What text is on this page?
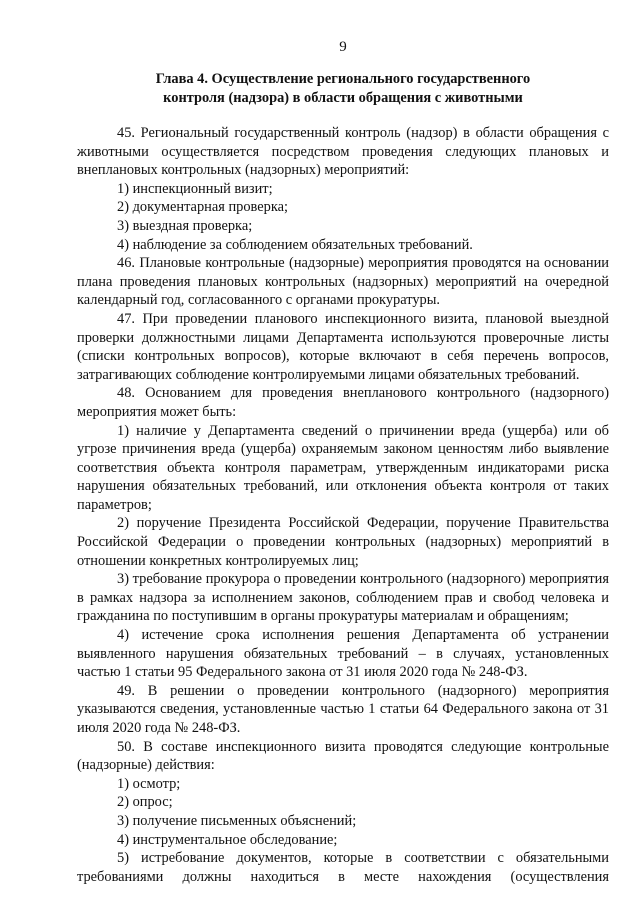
9
Глава 4. Осуществление регионального государственного
контроля (надзора) в области обращения с животными

45. Региональный государственный контроль (надзор) в области обращения с животными осуществляется посредством проведения следующих плановых и внеплановых контрольных (надзорных) мероприятий:

1) инспекционный визит;

2) документарная проверка;

3) выездная проверка;

4) наблюдение за соблюдением обязательных требований.

46. Плановые контрольные (надзорные) мероприятия проводятся на основании плана проведения плановых контрольных (надзорных) мероприятий на очередной календарный год, согласованного с органами прокуратуры.

47. При проведении планового инспекционного визита, плановой выездной проверки должностными лицами Департамента используются проверочные листы (списки контрольных вопросов), которые включают в себя перечень вопросов, затрагивающих соблюдение контролируемыми лицами обязательных требований.

48. Основанием для проведения внепланового контрольного (надзорного) мероприятия может быть:

1) наличие у Департамента сведений о причинении вреда (ущерба) или об угрозе причинения вреда (ущерба) охраняемым законом ценностям либо выявление соответствия объекта контроля параметрам, утвержденным индикаторами риска нарушения обязательных требований, или отклонения объекта контроля от таких параметров;

2) поручение Президента Российской Федерации, поручение Правительства Российской Федерации о проведении контрольных (надзорных) мероприятий в отношении конкретных контролируемых лиц;

3) требование прокурора о проведении контрольного (надзорного) мероприятия в рамках надзора за исполнением законов, соблюдением прав и свобод человека и гражданина по поступившим в органы прокуратуры материалам и обращениям;

4) истечение срока исполнения решения Департамента об устранении выявленного нарушения обязательных требований – в случаях, установленных частью 1 статьи 95 Федерального закона от 31 июля 2020 года № 248-ФЗ.

49. В решении о проведении контрольного (надзорного) мероприятия указываются сведения, установленные частью 1 статьи 64 Федерального закона от 31 июля 2020 года № 248-ФЗ.

50. В составе инспекционного визита проводятся следующие контрольные (надзорные) действия:

1) осмотр;

2) опрос;

3) получение письменных объяснений;

4) инструментальное обследование;

5) истребование документов, которые в соответствии с обязательными требованиями должны находиться в месте нахождения (осуществления
